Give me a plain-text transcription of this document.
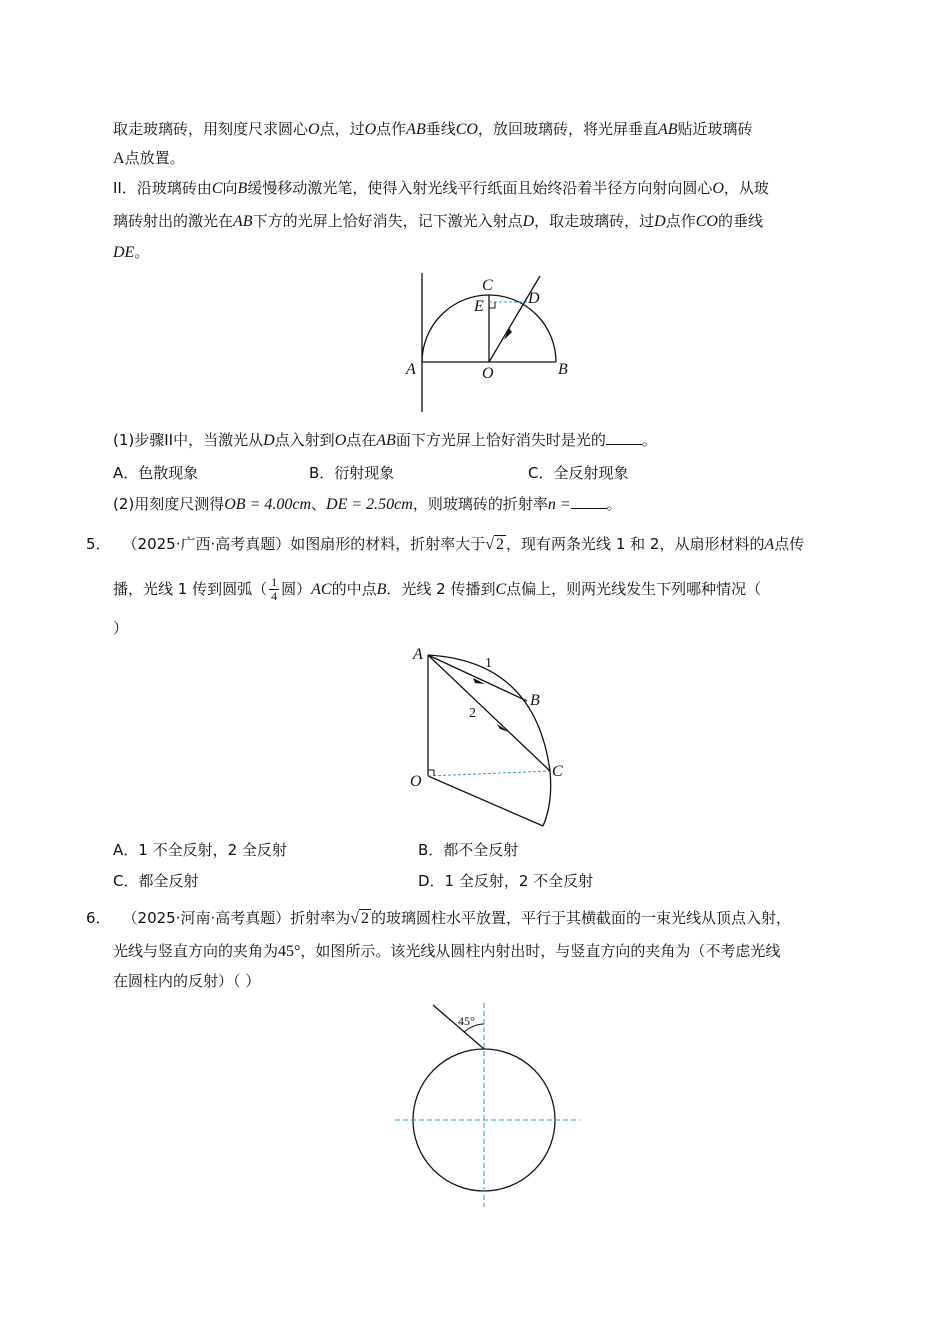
取走玻璃砖，用刻度尺求圆心O点，过O点作AB垂线CO，放回玻璃砖，将光屏垂直AB贴近玻璃砖
A点放置。
II．沿玻璃砖由C向B缓慢移动激光笔，使得入射光线平行纸面且始终沿着半径方向射向圆心O，从玻
璃砖射出的激光在AB下方的光屏上恰好消失，记下激光入射点D，取走玻璃砖，过D点作CO的垂线
DE。
C
D
E
A	O	B
(1)步骤II中，当激光从D点入射到O点在AB面下方光屏上恰好消失时是光的 。
A．色散现象	B．衍射现象	C．全反射现象
(2)用刻度尺测得OB = 4.00cm、DE = 2.50cm，则玻璃砖的折射率n = 。
5． （2025·广西·高考真题）如图扇形的材料，折射率大于√ 2 ，现有两条光线 1 和 2，从扇形材料的A点传
播，光线 1 传到圆弧（ $\frac{1}{4}$ 圆）AC的中点B．光线 2 传播到C点偏上，则两光线发生下列哪种情况（
）
A
1
2
B
C
O
A．1 不全反射，2 全反射	B．都不全反射
C．都全反射	D．1 全反射，2 不全反射
6． （2025·河南·高考真题）折射率为√ 2 的玻璃圆柱水平放置，平行于其横截面的一束光线从顶点入射，
光线与竖直方向的夹角为45°，如图所示。该光线从圆柱内射出时，与竖直方向的夹角为（不考虑光线
在圆柱内的反射）（ ）
45°
